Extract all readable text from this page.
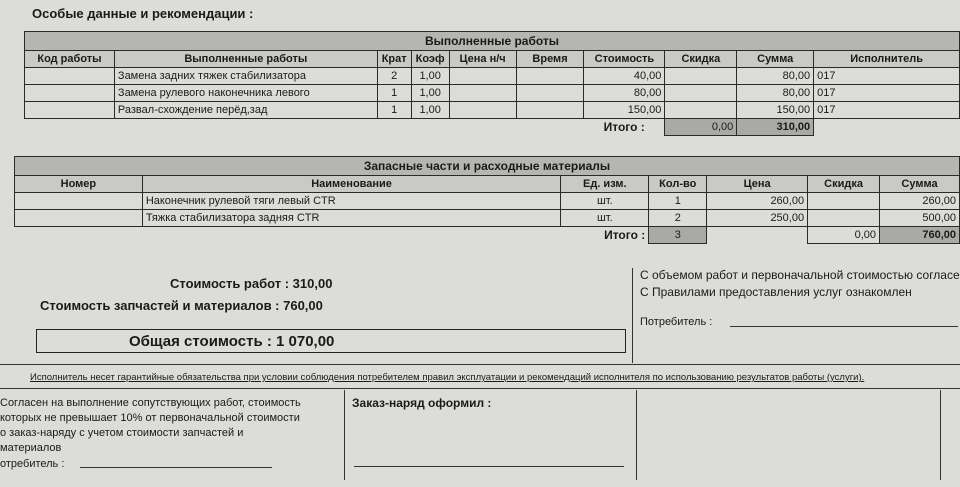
Особые данные и рекомендации :
Выполненные работы									
Код работы	Выполненные работы	Крат	Коэф	Цена н/ч	Время	Стоимость	Скидка	Сумма	Исполнитель
	Замена задних тяжек стабилизатора	2	1,00			40,00		80,00	017
	Замена рулевого наконечника левого	1	1,00			80,00		80,00	017
	Развал-схождение перёд,зад	1	1,00			150,00		150,00	017
						Итого :	0,00	310,00	
Запасные части и расходные материалы						
Номер	Наименование	Ед. изм.	Кол-во	Цена	Скидка	Сумма
	Наконечник рулевой тяги левый CTR	шт.	1	260,00		260,00
	Тяжка стабилизатора задняя CTR	шт.	2	250,00		500,00
		Итого :	3		0,00	760,00
Стоимость работ : 310,00
Стоимость запчастей и материалов : 760,00
Общая стоимость : 1 070,00
С объемом работ и первоначальной стоимостью согласе
С Правилами предоставления услуг ознакомлен
Потребитель :
Исполнитель несет гарантийные обязательства при условии соблюдения потребителем правил эксплуатации и рекомендаций исполнителя по использованию результатов работы (услуги).
Согласен на выполнение сопутствующих работ, стоимость
которых не превышает 10% от первоначальной стоимости
о заказ-наряду с учетом стоимости запчастей и
материалов
отребитель :
Заказ-наряд оформил :
